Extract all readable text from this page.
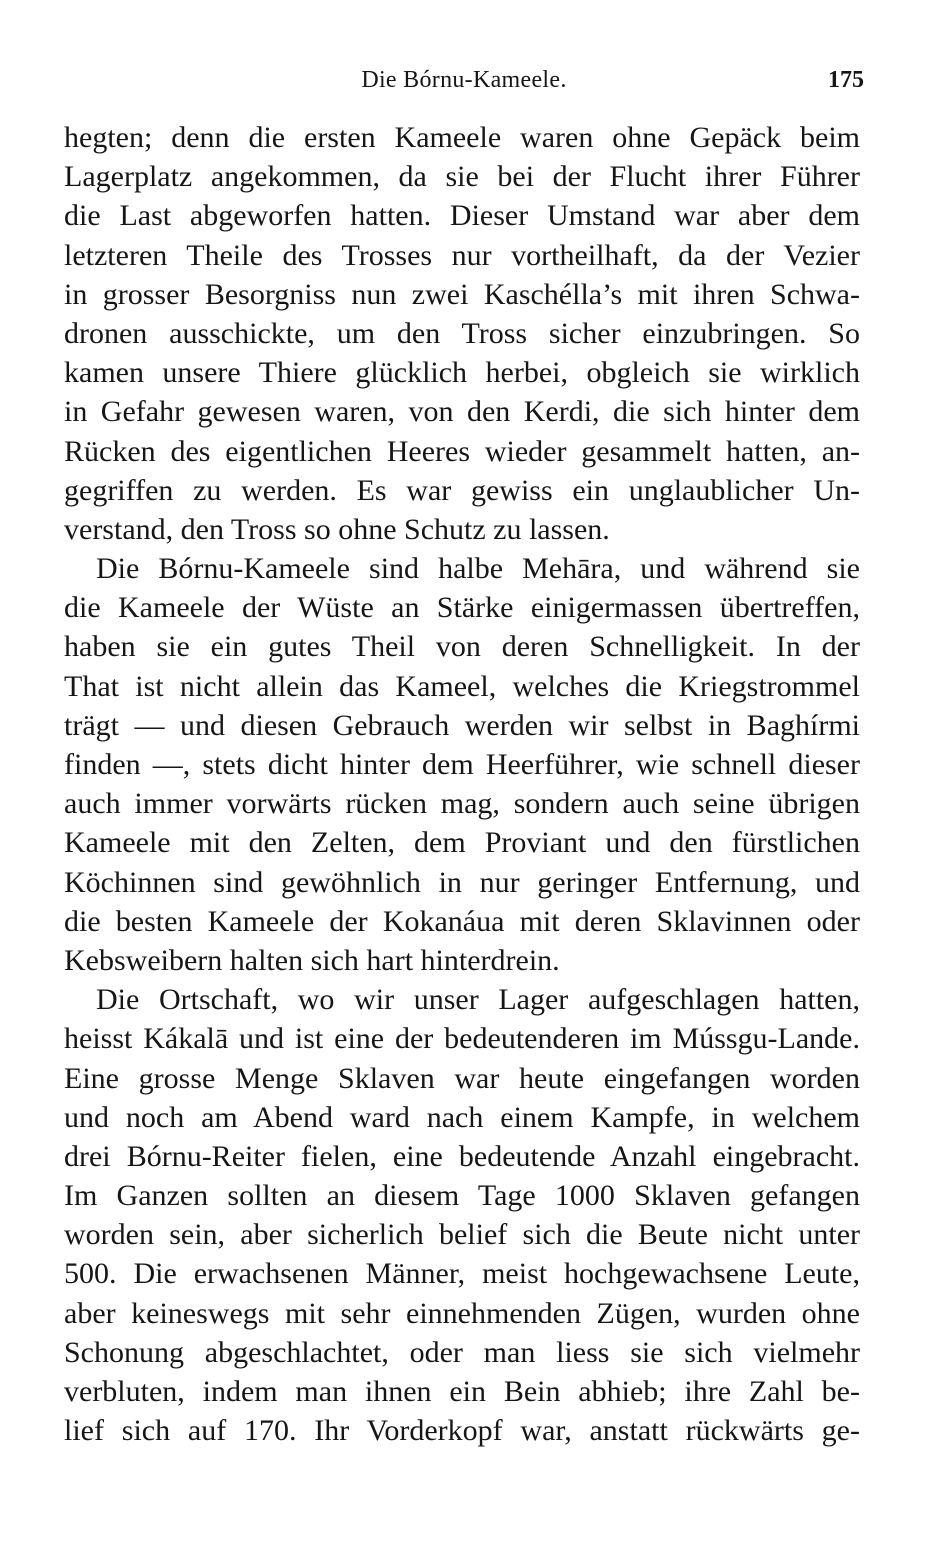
Die Bórnu-Kameele.	175
hegten; denn die ersten Kameele waren ohne Gepäck beim
Lagerplatz angekommen, da sie bei der Flucht ihrer Führer
die Last abgeworfen hatten. Dieser Umstand war aber dem
letzteren Theile des Trosses nur vortheilhaft, da der Vezier
in grosser Besorgniss nun zwei Kaschélla’s mit ihren Schwa-
dronen ausschickte, um den Tross sicher einzubringen. So
kamen unsere Thiere glücklich herbei, obgleich sie wirklich
in Gefahr gewesen waren, von den Kerdi, die sich hinter dem
Rücken des eigentlichen Heeres wieder gesammelt hatten, an-
gegriffen zu werden. Es war gewiss ein unglaublicher Un-
verstand, den Tross so ohne Schutz zu lassen.
Die Bórnu-Kameele sind halbe Mehāra, und während sie
die Kameele der Wüste an Stärke einigermassen übertreffen,
haben sie ein gutes Theil von deren Schnelligkeit. In der
That ist nicht allein das Kameel, welches die Kriegstrommel
trägt — und diesen Gebrauch werden wir selbst in Baghírmi
finden —, stets dicht hinter dem Heerführer, wie schnell dieser
auch immer vorwärts rücken mag, sondern auch seine übrigen
Kameele mit den Zelten, dem Proviant und den fürstlichen
Köchinnen sind gewöhnlich in nur geringer Entfernung, und
die besten Kameele der Kokanáua mit deren Sklavinnen oder
Kebsweibern halten sich hart hinterdrein.
Die Ortschaft, wo wir unser Lager aufgeschlagen hatten,
heisst Kákalā und ist eine der bedeutenderen im Mússgu-Lande.
Eine grosse Menge Sklaven war heute eingefangen worden
und noch am Abend ward nach einem Kampfe, in welchem
drei Bórnu-Reiter fielen, eine bedeutende Anzahl eingebracht.
Im Ganzen sollten an diesem Tage 1000 Sklaven gefangen
worden sein, aber sicherlich belief sich die Beute nicht unter
500. Die erwachsenen Männer, meist hochgewachsene Leute,
aber keineswegs mit sehr einnehmenden Zügen, wurden ohne
Schonung abgeschlachtet, oder man liess sie sich vielmehr
verbluten, indem man ihnen ein Bein abhieb; ihre Zahl be-
lief sich auf 170. Ihr Vorderkopf war, anstatt rückwärts ge-
